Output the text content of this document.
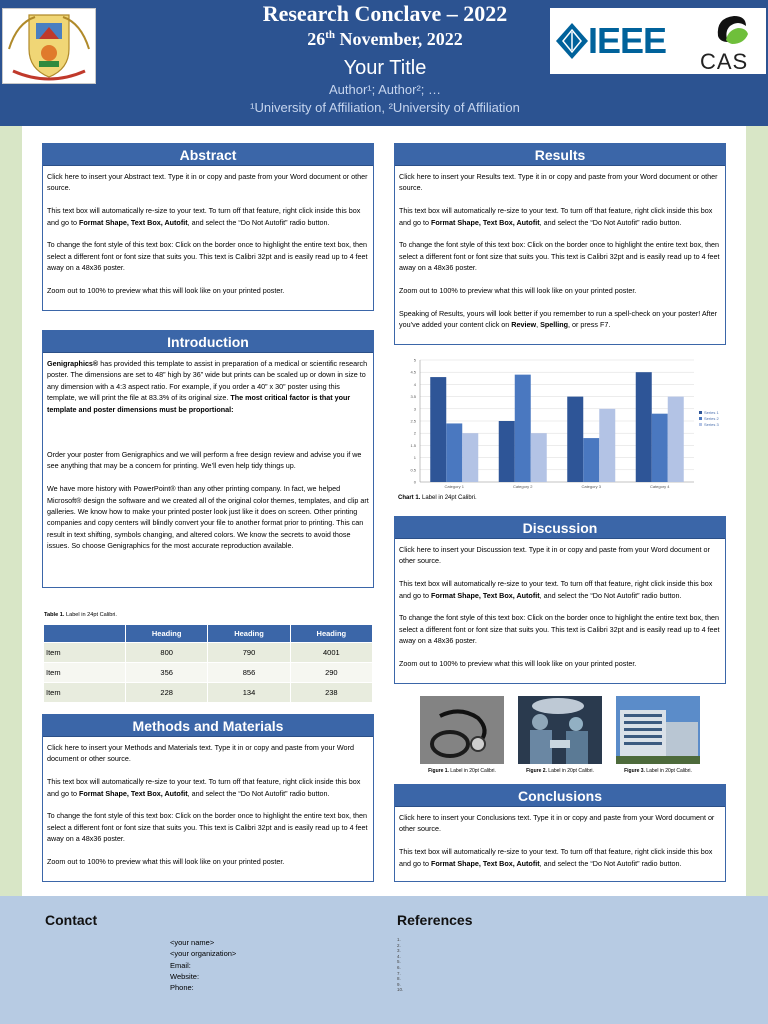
Research Conclave – 2022
26th November, 2022
Your Title
Author¹; Author²; …
¹University of Affiliation, ²University of Affiliation
IEEE
CAS
Abstract

Click here to insert your Abstract text. Type it in or copy and paste from your Word document or other source.

This text box will automatically re-size to your text. To turn off that feature, right click inside this box and go to Format Shape, Text Box, Autofit, and select the “Do Not Autofit” radio button.

To change the font style of this text box: Click on the border once to highlight the entire text box, then select a different font or font size that suits you. This text is Calibri 32pt and is easily read up to 4 feet away on a 48x36 poster.

Zoom out to 100% to preview what this will look like on your printed poster.

Introduction

Genigraphics® has provided this template to assist in preparation of a medical or scientific research poster. The dimensions are set to 48” high by 36” wide but prints can be scaled up or down in size to any dimension with a 4:3 aspect ratio. For example, if you order a 40” x 30” poster using this template, we will print the file at 83.3% of its original size. The most critical factor is that your template and poster dimensions must be proportional:

Order your poster from Genigraphics and we will perform a free design review and advise you if we see anything that may be a concern for printing. We’ll even help tidy things up.

We have more history with PowerPoint® than any other printing company. In fact, we helped Microsoft® design the software and we created all of the original color themes, templates, and clip art galleries. We know how to make your printed poster look just like it does on screen. Other printing companies and copy centers will blindly convert your file to another format prior to printing. This can result in text shifting, symbols changing, and altered colors. We know the secrets to avoid those issues. So choose Genigraphics for the most accurate reproduction available.

Table 1. Label in 24pt Calibri.
	Heading	Heading	Heading
Item	800	790	4001
Item	356	856	290
Item	228	134	238
Methods and Materials

Click here to insert your Methods and Materials text. Type it in or copy and paste from your Word document or other source.

This text box will automatically re-size to your text. To turn off that feature, right click inside this box and go to Format Shape, Text Box, Autofit, and select the “Do Not Autofit” radio button.

To change the font style of this text box: Click on the border once to highlight the entire text box, then select a different font or font size that suits you. This text is Calibri 32pt and is easily read up to 4 feet away on a 48x36 poster.

Zoom out to 100% to preview what this will look like on your printed poster.

Results

Click here to insert your Results text. Type it in or copy and paste from your Word document or other source.

This text box will automatically re-size to your text. To turn off that feature, right click inside this box and go to Format Shape, Text Box, Autofit, and select the “Do Not Autofit” radio button.

To change the font style of this text box: Click on the border once to highlight the entire text box, then select a different font or font size that suits you. This text is Calibri 32pt and is easily read up to 4 feet away on a 48x36 poster.

Zoom out to 100% to preview what this will look like on your printed poster.

Speaking of Results, yours will look better if you remember to run a spell-check on your poster! After you’ve added your content click on Review, Spelling, or press F7.

0
0.5
1
1.5
2
2.5
3
3.5
4
4.5
5
Category 1	Category 2	Category 3	Category 4
Series 1
Series 2
Series 3
Chart 1. Label in 24pt Calibri.
Discussion

Click here to insert your Discussion text. Type it in or copy and paste from your Word document or other source.

This text box will automatically re-size to your text. To turn off that feature, right click inside this box and go to Format Shape, Text Box, Autofit, and select the “Do Not Autofit” radio button.

To change the font style of this text box: Click on the border once to highlight the entire text box, then select a different font or font size that suits you. This text is Calibri 32pt and is easily read up to 4 feet away on a 48x36 poster.

Zoom out to 100% to preview what this will look like on your printed poster.

Figure 1. Label in 20pt Calibri.	Figure 2. Label in 20pt Calibri.	Figure 3. Label in 20pt Calibri.
Conclusions

Click here to insert your Conclusions text. Type it in or copy and paste from your Word document or other source.

This text box will automatically re-size to your text. To turn off that feature, right click inside this box and go to Format Shape, Text Box, Autofit, and select the “Do Not Autofit” radio button.

Contact
<your name>
<your organization>
Email:
Website:
Phone:
References
1.
2.
3.
4.
5.
6.
7.
8.
9.
10.
